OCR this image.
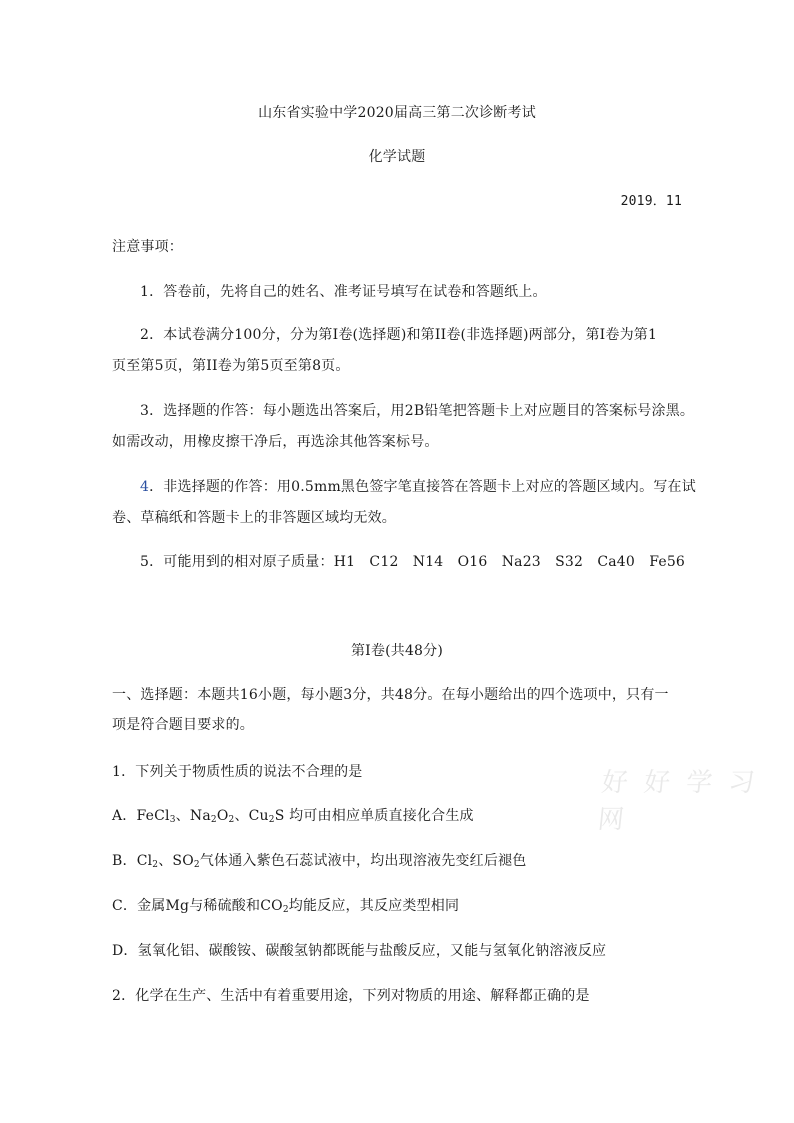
山东省实验中学2020届高三第二次诊断考试
化学试题
2019．11
注意事项：
1．答卷前，先将自己的姓名、准考证号填写在试卷和答题纸上。
2．本试卷满分100分，分为第Ⅰ卷(选择题)和第II卷(非选择题)两部分，第Ⅰ卷为第1
页至第5页，第II卷为第5页至第8页。
3．选择题的作答：每小题选出答案后，用2B铅笔把答题卡上对应题目的答案标号涂黑。
如需改动，用橡皮擦干净后，再选涂其他答案标号。
4．非选择题的作答：用0.5mm黑色签字笔直接答在答题卡上对应的答题区域内。写在试
卷、草稿纸和答题卡上的非答题区域均无效。
5．可能用到的相对原子质量：H1　C12　N14　O16　Na23　S32　Ca40　Fe56
第Ⅰ卷(共48分)
一、选择题：本题共16小题，每小题3分，共48分。在每小题给出的四个选项中，只有一
项是符合题目要求的。
1．下列关于物质性质的说法不合理的是
A．FeCl$_3$、$Na_2O_2$、$Cu_2S$ 均可由相应单质直接化合生成
B．$Cl_2$、$SO_2$气体通入紫色石蕊试液中，均出现溶液先变红后褪色
C．金属Mg与稀硫酸和$CO_2$均能反应，其反应类型相同
D．氢氧化铝、碳酸铵、碳酸氢钠都既能与盐酸反应，又能与氢氧化钠溶液反应
2．化学在生产、生活中有着重要用途，下列对物质的用途、解释都正确的是
好 好 学 习 网
